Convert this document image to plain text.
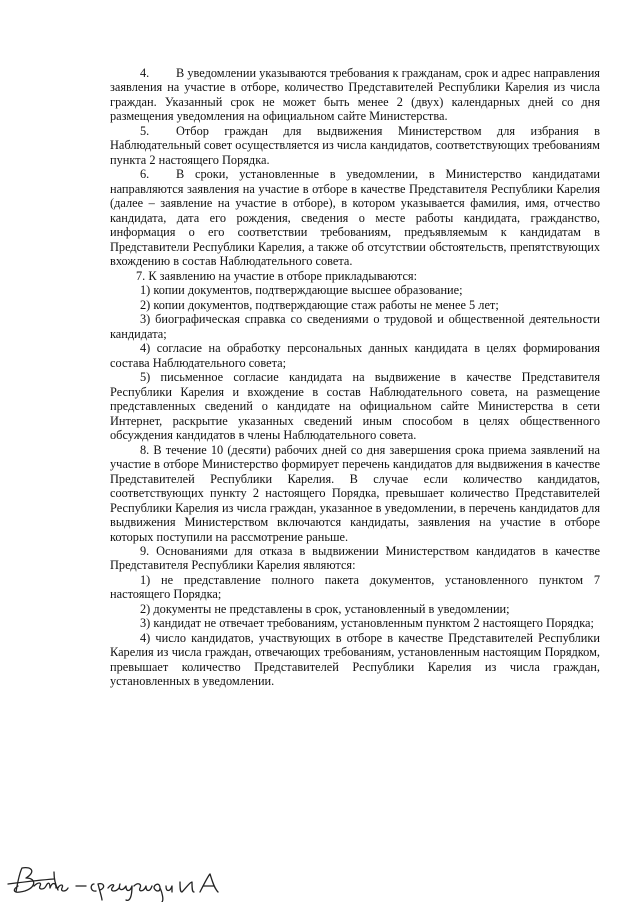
4. В уведомлении указываются требования к гражданам, срок и адрес направления заявления на участие в отборе, количество Представителей Республики Карелия из числа граждан. Указанный срок не может быть менее 2 (двух) календарных дней со дня размещения уведомления на официальном сайте Министерства.

5. Отбор граждан для выдвижения Министерством для избрания в Наблюдательный совет осуществляется из числа кандидатов, соответствующих требованиям пункта 2 настоящего Порядка.

6. В сроки, установленные в уведомлении, в Министерство кандидатами направляются заявления на участие в отборе в качестве Представителя Республики Карелия (далее – заявление на участие в отборе), в котором указывается фамилия, имя, отчество кандидата, дата его рождения, сведения о месте работы кандидата, гражданство, информация о его соответствии требованиям, предъявляемым к кандидатам в Представители Республики Карелия, а также об отсутствии обстоятельств, препятствующих вхождению в состав Наблюдательного совета.

7. К заявлению на участие в отборе прикладываются:

1) копии документов, подтверждающие высшее образование;

2) копии документов, подтверждающие стаж работы не менее 5 лет;

3) биографическая справка со сведениями о трудовой и общественной деятельности кандидата;

4) согласие на обработку персональных данных кандидата в целях формирования состава Наблюдательного совета;

5) письменное согласие кандидата на выдвижение в качестве Представителя Республики Карелия и вхождение в состав Наблюдательного совета, на размещение представленных сведений о кандидате на официальном сайте Министерства в сети Интернет, раскрытие указанных сведений иным способом в целях общественного обсуждения кандидатов в члены Наблюдательного совета.

8. В течение 10 (десяти) рабочих дней со дня завершения срока приема заявлений на участие в отборе Министерство формирует перечень кандидатов для выдвижения в качестве Представителей Республики Карелия. В случае если количество кандидатов, соответствующих пункту 2 настоящего Порядка, превышает количество Представителей Республики Карелия из числа граждан, указанное в уведомлении, в перечень кандидатов для выдвижения Министерством включаются кандидаты, заявления на участие в отборе которых поступили на рассмотрение раньше.

9. Основаниями для отказа в выдвижении Министерством кандидатов в качестве Представителя Республики Карелия являются:

1) не представление полного пакета документов, установленного пунктом 7 настоящего Порядка;

2) документы не представлены в срок, установленный в уведомлении;

3) кандидат не отвечает требованиям, установленным пунктом 2 настоящего Порядка;

4) число кандидатов, участвующих в отборе в качестве Представителей Республики Карелия из числа граждан, отвечающих требованиям, установленным настоящим Порядком, превышает количество Представителей Республики Карелия из числа граждан, установленных в уведомлении.
